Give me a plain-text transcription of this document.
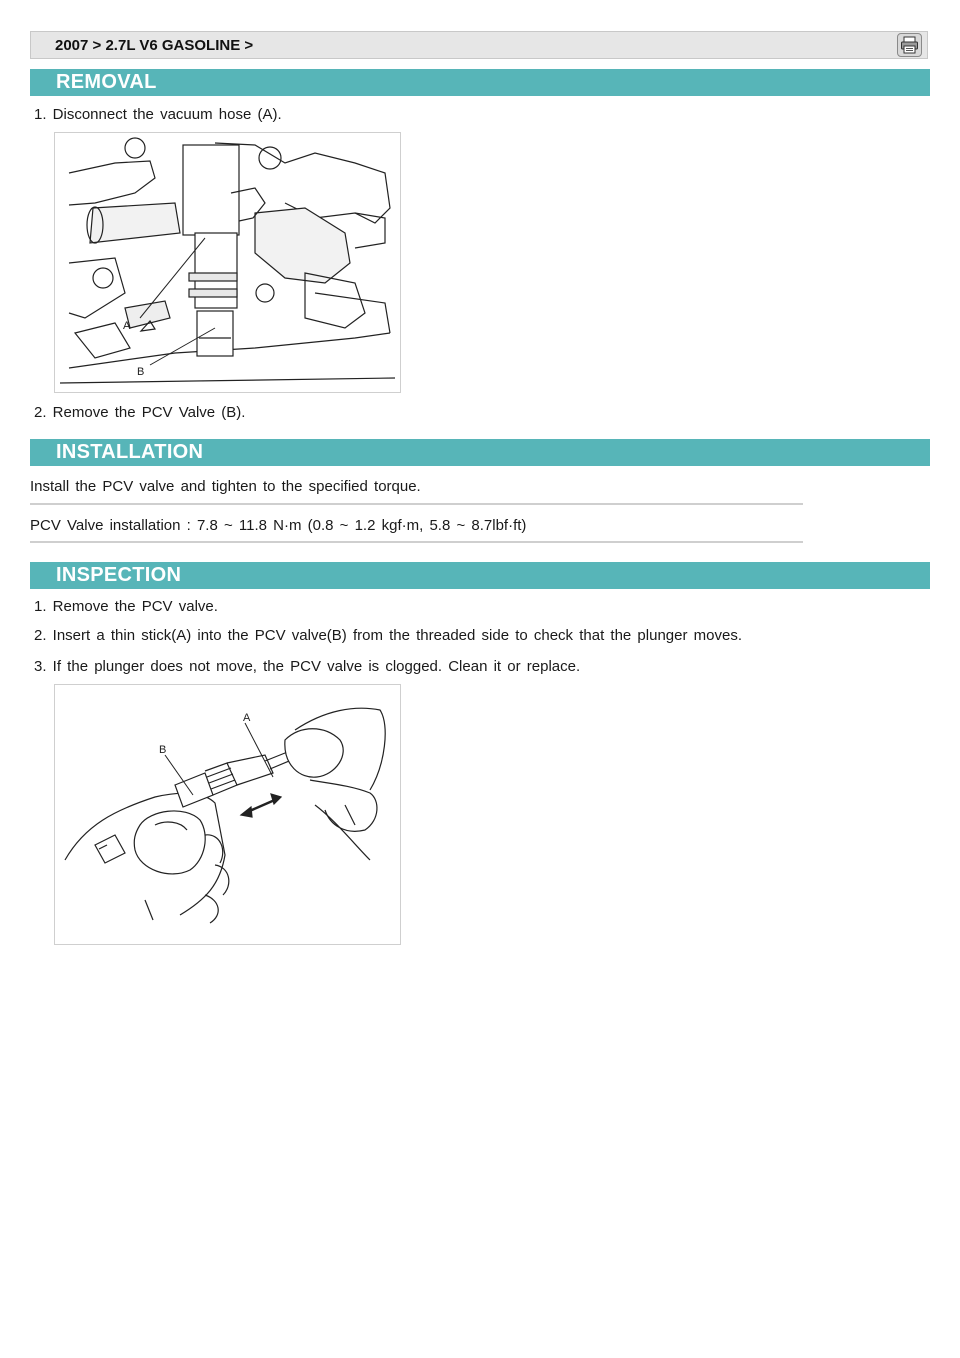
2007 > 2.7L V6 GASOLINE >
REMOVAL
1. Disconnect the vacuum hose (A).
A
B
2. Remove the PCV Valve (B).
INSTALLATION
Install the PCV valve and tighten to the specified torque.
PCV Valve installation : 7.8 ~ 11.8 N·m (0.8 ~ 1.2 kgf·m, 5.8 ~ 8.7lbf·ft)
INSPECTION
1. Remove the PCV valve.
2. Insert a thin stick(A) into the PCV valve(B) from the threaded side to check that the plunger moves.
3. If the plunger does not move, the PCV valve is clogged. Clean it or replace.
A
B
